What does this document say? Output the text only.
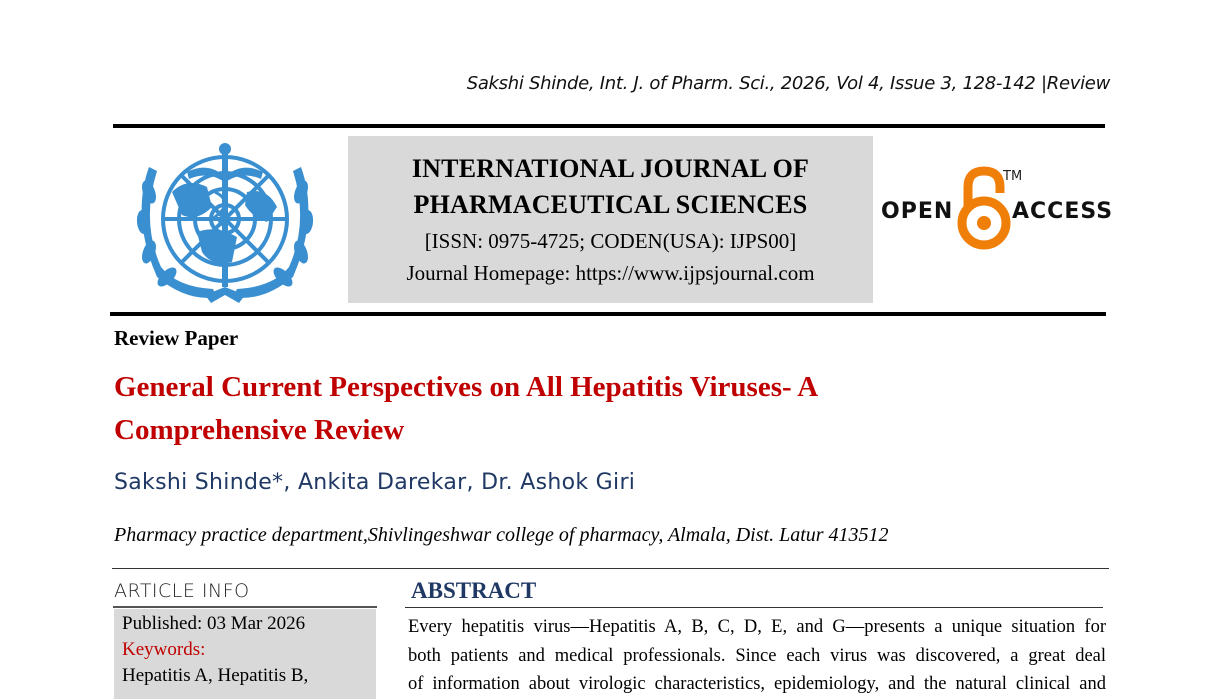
Sakshi Shinde, Int. J. of Pharm. Sci., 2026, Vol 4, Issue 3, 128-142 |Review
INTERNATIONAL JOURNAL OF
PHARMACEUTICAL SCIENCES
[ISSN: 0975-4725; CODEN(USA): IJPS00]
Journal Homepage: https://www.ijpsjournal.com
OPEN
TM
ACCESS
Review Paper
General Current Perspectives on All Hepatitis Viruses- A Comprehensive Review
Sakshi Shinde*, Ankita Darekar, Dr. Ashok Giri
Pharmacy practice department,Shivlingeshwar college of pharmacy, Almala, Dist. Latur 413512
ARTICLE INFO
Published: 03 Mar 2026
Keywords:
Hepatitis A, Hepatitis B,
ABSTRACT
Every hepatitis virus—Hepatitis A, B, C, D, E, and G—presents a unique situation for
both patients and medical professionals. Since each virus was discovered, a great deal
of information about virologic characteristics, epidemiology, and the natural clinical and
